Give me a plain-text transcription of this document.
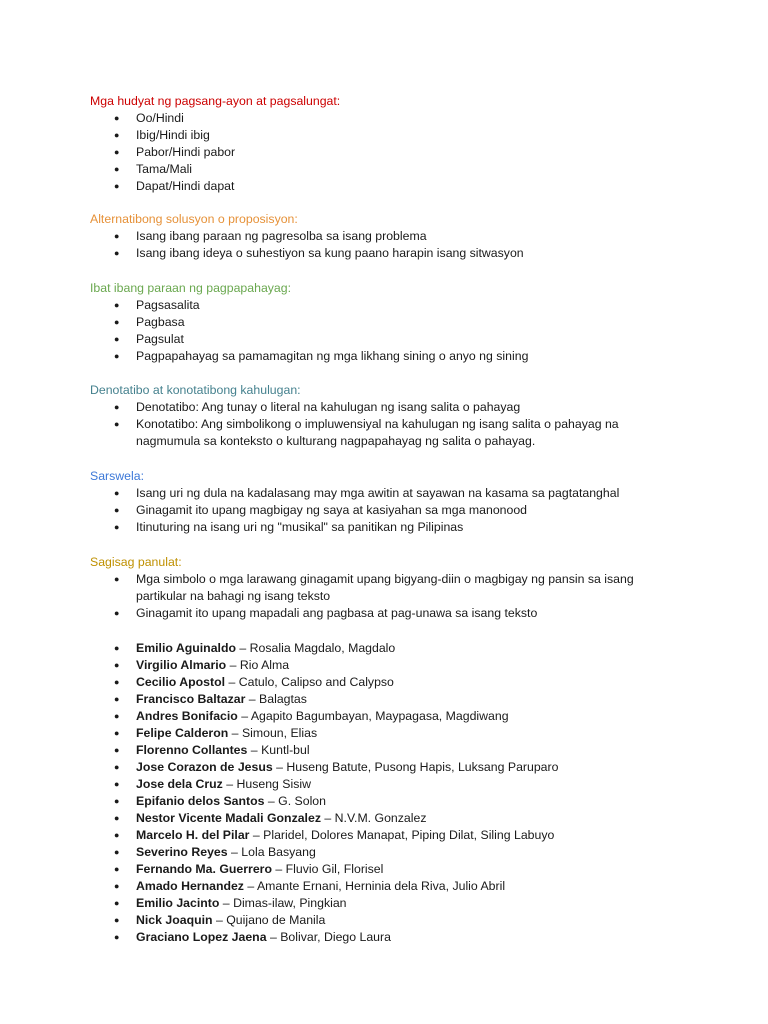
Mga hudyat ng pagsang-ayon at pagsalungat:
● Oo/Hindi
● Ibig/Hindi ibig
● Pabor/Hindi pabor
● Tama/Mali
● Dapat/Hindi dapat
Alternatibong solusyon o proposisyon:
● Isang ibang paraan ng pagresolba sa isang problema
● Isang ibang ideya o suhestiyon sa kung paano harapin isang sitwasyon
Ibat ibang paraan ng pagpapahayag:
● Pagsasalita
● Pagbasa
● Pagsulat
● Pagpapahayag sa pamamagitan ng mga likhang sining o anyo ng sining
Denotatibo at konotatibong kahulugan:
● Denotatibo: Ang tunay o literal na kahulugan ng isang salita o pahayag
● Konotatibo: Ang simbolikong o impluwensiyal na kahulugan ng isang salita o pahayag na nagmumula sa konteksto o kulturang nagpapahayag ng salita o pahayag.
Sarswela:
● Isang uri ng dula na kadalasang may mga awitin at sayawan na kasama sa pagtatanghal
● Ginagamit ito upang magbigay ng saya at kasiyahan sa mga manonood
● Itinuturing na isang uri ng "musikal" sa panitikan ng Pilipinas
Sagisag panulat:
● Mga simbolo o mga larawang ginagamit upang bigyang-diin o magbigay ng pansin sa isang partikular na bahagi ng isang teksto
● Ginagamit ito upang mapadali ang pagbasa at pag-unawa sa isang teksto
● Emilio Aguinaldo – Rosalia Magdalo, Magdalo
● Virgilio Almario – Rio Alma
● Cecilio Apostol – Catulo, Calipso and Calypso
● Francisco Baltazar – Balagtas
● Andres Bonifacio – Agapito Bagumbayan, Maypagasa, Magdiwang
● Felipe Calderon – Simoun, Elias
● Florenno Collantes – Kuntl-bul
● Jose Corazon de Jesus – Huseng Batute, Pusong Hapis, Luksang Paruparo
● Jose dela Cruz – Huseng Sisiw
● Epifanio delos Santos – G. Solon
● Nestor Vicente Madali Gonzalez – N.V.M. Gonzalez
● Marcelo H. del Pilar – Plaridel, Dolores Manapat, Piping Dilat, Siling Labuyo
● Severino Reyes – Lola Basyang
● Fernando Ma. Guerrero – Fluvio Gil, Florisel
● Amado Hernandez – Amante Ernani, Herninia dela Riva, Julio Abril
● Emilio Jacinto – Dimas-ilaw, Pingkian
● Nick Joaquin – Quijano de Manila
● Graciano Lopez Jaena – Bolivar, Diego Laura
